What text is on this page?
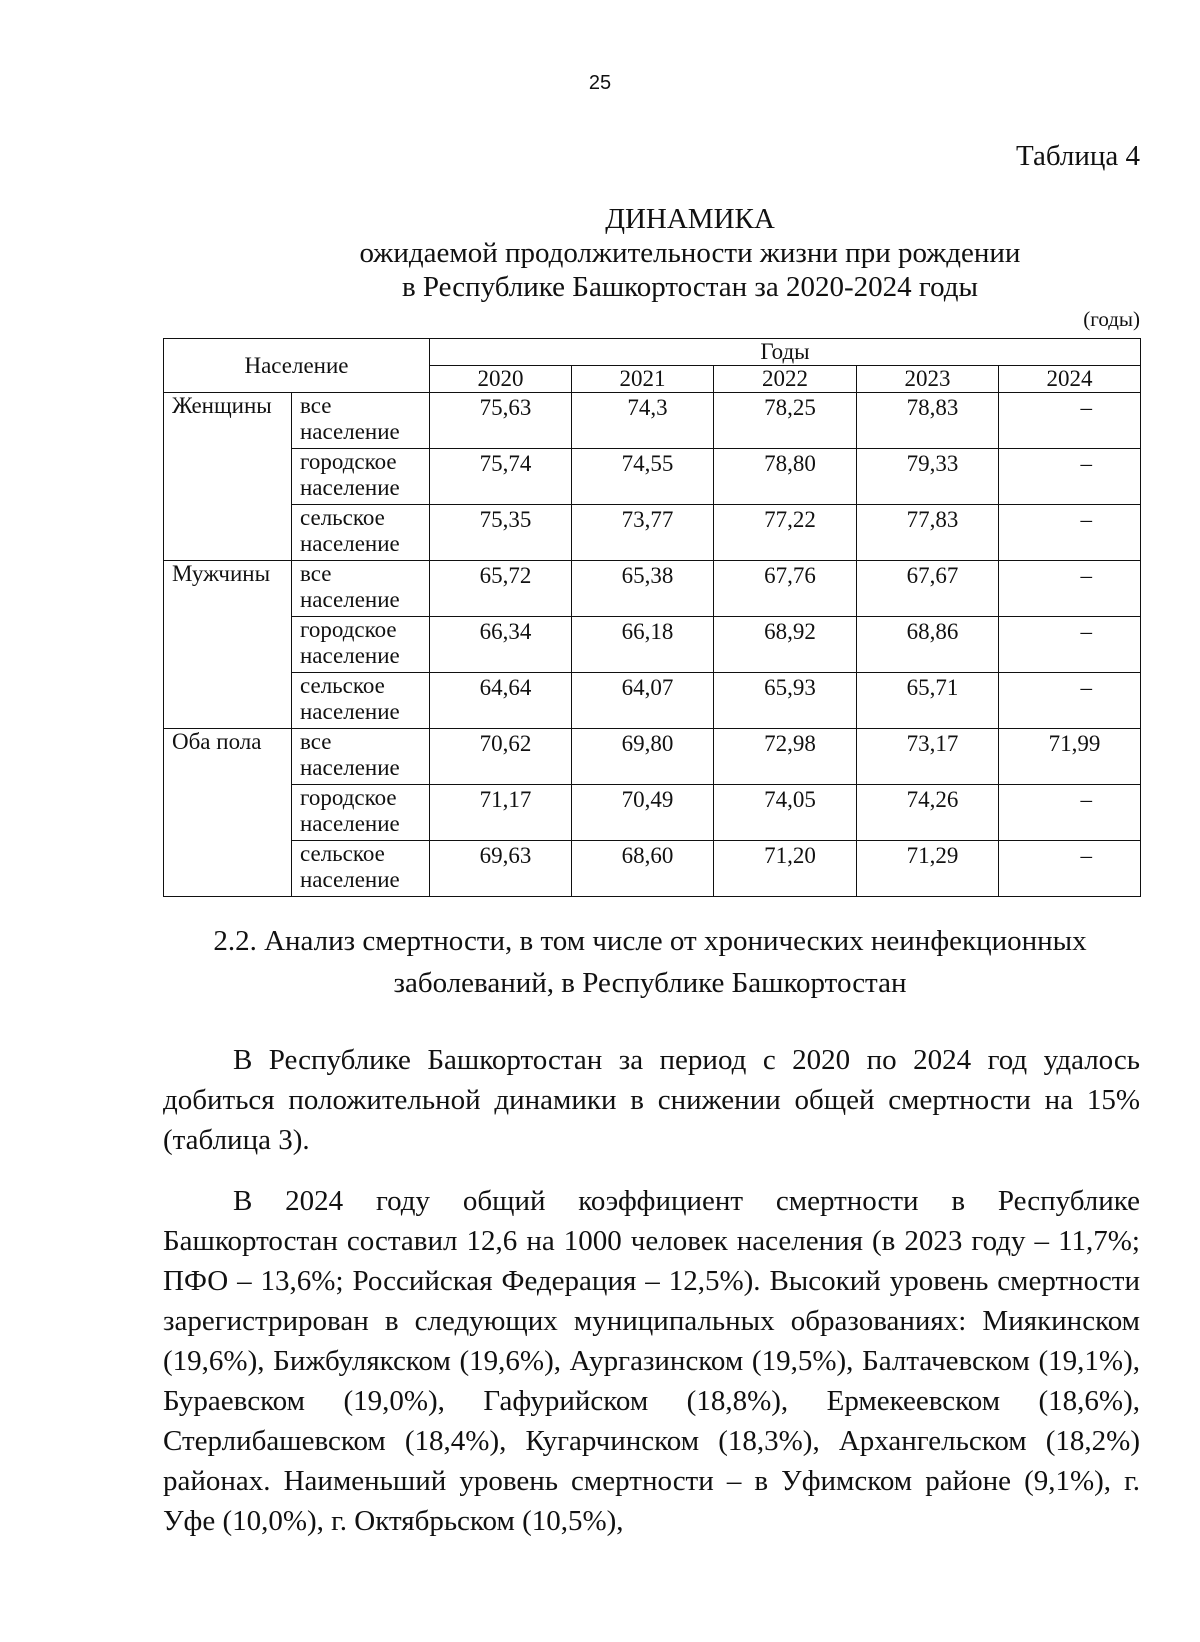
25
Таблица 4
ДИНАМИКА
ожидаемой продолжительности жизни при рождении
в Республике Башкортостан за 2020-2024 годы
(годы)
Население		Годы				
		2020	2021	2022	2023	2024
Женщины	все население	75,63	74,3	78,25	78,83	–
	городское население	75,74	74,55	78,80	79,33	–
	сельское население	75,35	73,77	77,22	77,83	–
Мужчины	все население	65,72	65,38	67,76	67,67	–
	городское население	66,34	66,18	68,92	68,86	–
	сельское население	64,64	64,07	65,93	65,71	–
Оба пола	все население	70,62	69,80	72,98	73,17	71,99
	городское население	71,17	70,49	74,05	74,26	–
	сельское население	69,63	68,60	71,20	71,29	–
2.2. Анализ смертности, в том числе от хронических неинфекционных
заболеваний, в Республике Башкортостан

В Республике Башкортостан за период с 2020 по 2024 год удалось добиться положительной динамики в снижении общей смертности на 15% (таблица 3).

В 2024 году общий коэффициент смертности в Республике Башкортостан составил 12,6 на 1000 человек населения (в 2023 году – 11,7%; ПФО – 13,6%; Российская Федерация – 12,5%). Высокий уровень смертности зарегистрирован в следующих муниципальных образованиях: Миякинском (19,6%), Бижбулякском (19,6%), Аургазинском (19,5%), Балтачевском (19,1%), Бураевском (19,0%), Гафурийском (18,8%), Ермекеевском (18,6%), Стерлибашевском (18,4%), Кугарчинском (18,3%), Архангельском (18,2%) районах. Наименьший уровень смертности – в Уфимском районе (9,1%), г. Уфе (10,0%), г. Октябрьском (10,5%),
